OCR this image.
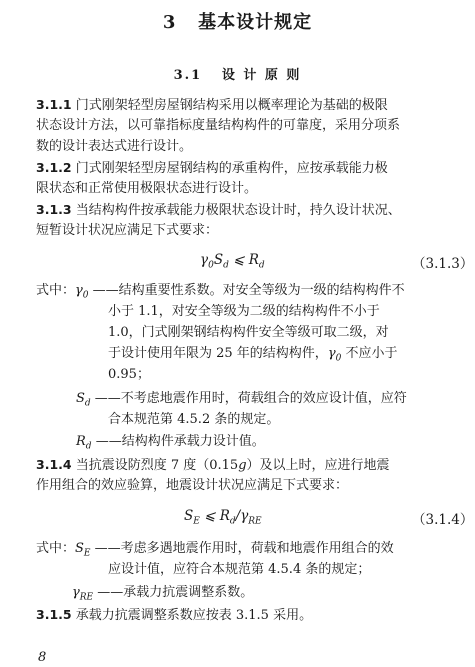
3 基本设计规定
3.1 设 计 原 则
3.1.1 门式刚架轻型房屋钢结构采用以概率理论为基础的极限
状态设计方法，以可靠指标度量结构构件的可靠度，采用分项系
数的设计表达式进行设计。
3.1.2 门式刚架轻型房屋钢结构的承重构件，应按承载能力极
限状态和正常使用极限状态进行设计。
3.1.3 当结构构件按承载能力极限状态设计时，持久设计状况、
短暂设计状况应满足下式要求：
$\gamma_0S_d$ ⩽ $R_d$	（3.1.3）
式中：$\gamma_0$ ——结构重要性系数。对安全等级为一级的结构构件不
小于 1.1，对安全等级为二级的结构构件不小于
1.0，门式刚架钢结构构件安全等级可取二级，对
于设计使用年限为 25 年的结构构件，$\gamma_0$ 不应小于
0.95；
$S_d$ ——不考虑地震作用时，荷载组合的效应设计值，应符
合本规范第 4.5.2 条的规定。
$R_d$ ——结构构件承载力设计值。
3.1.4 当抗震设防烈度 7 度（0.15g）及以上时，应进行地震
作用组合的效应验算，地震设计状况应满足下式要求：
$S_E$ ⩽ $R_d/\gamma_{RE}$	（3.1.4）
式中：$S_E$ ——考虑多遇地震作用时，荷载和地震作用组合的效
应设计值，应符合本规范第 4.5.4 条的规定；
$\gamma_{RE}$ ——承载力抗震调整系数。
3.1.5 承载力抗震调整系数应按表 3.1.5 采用。
8
